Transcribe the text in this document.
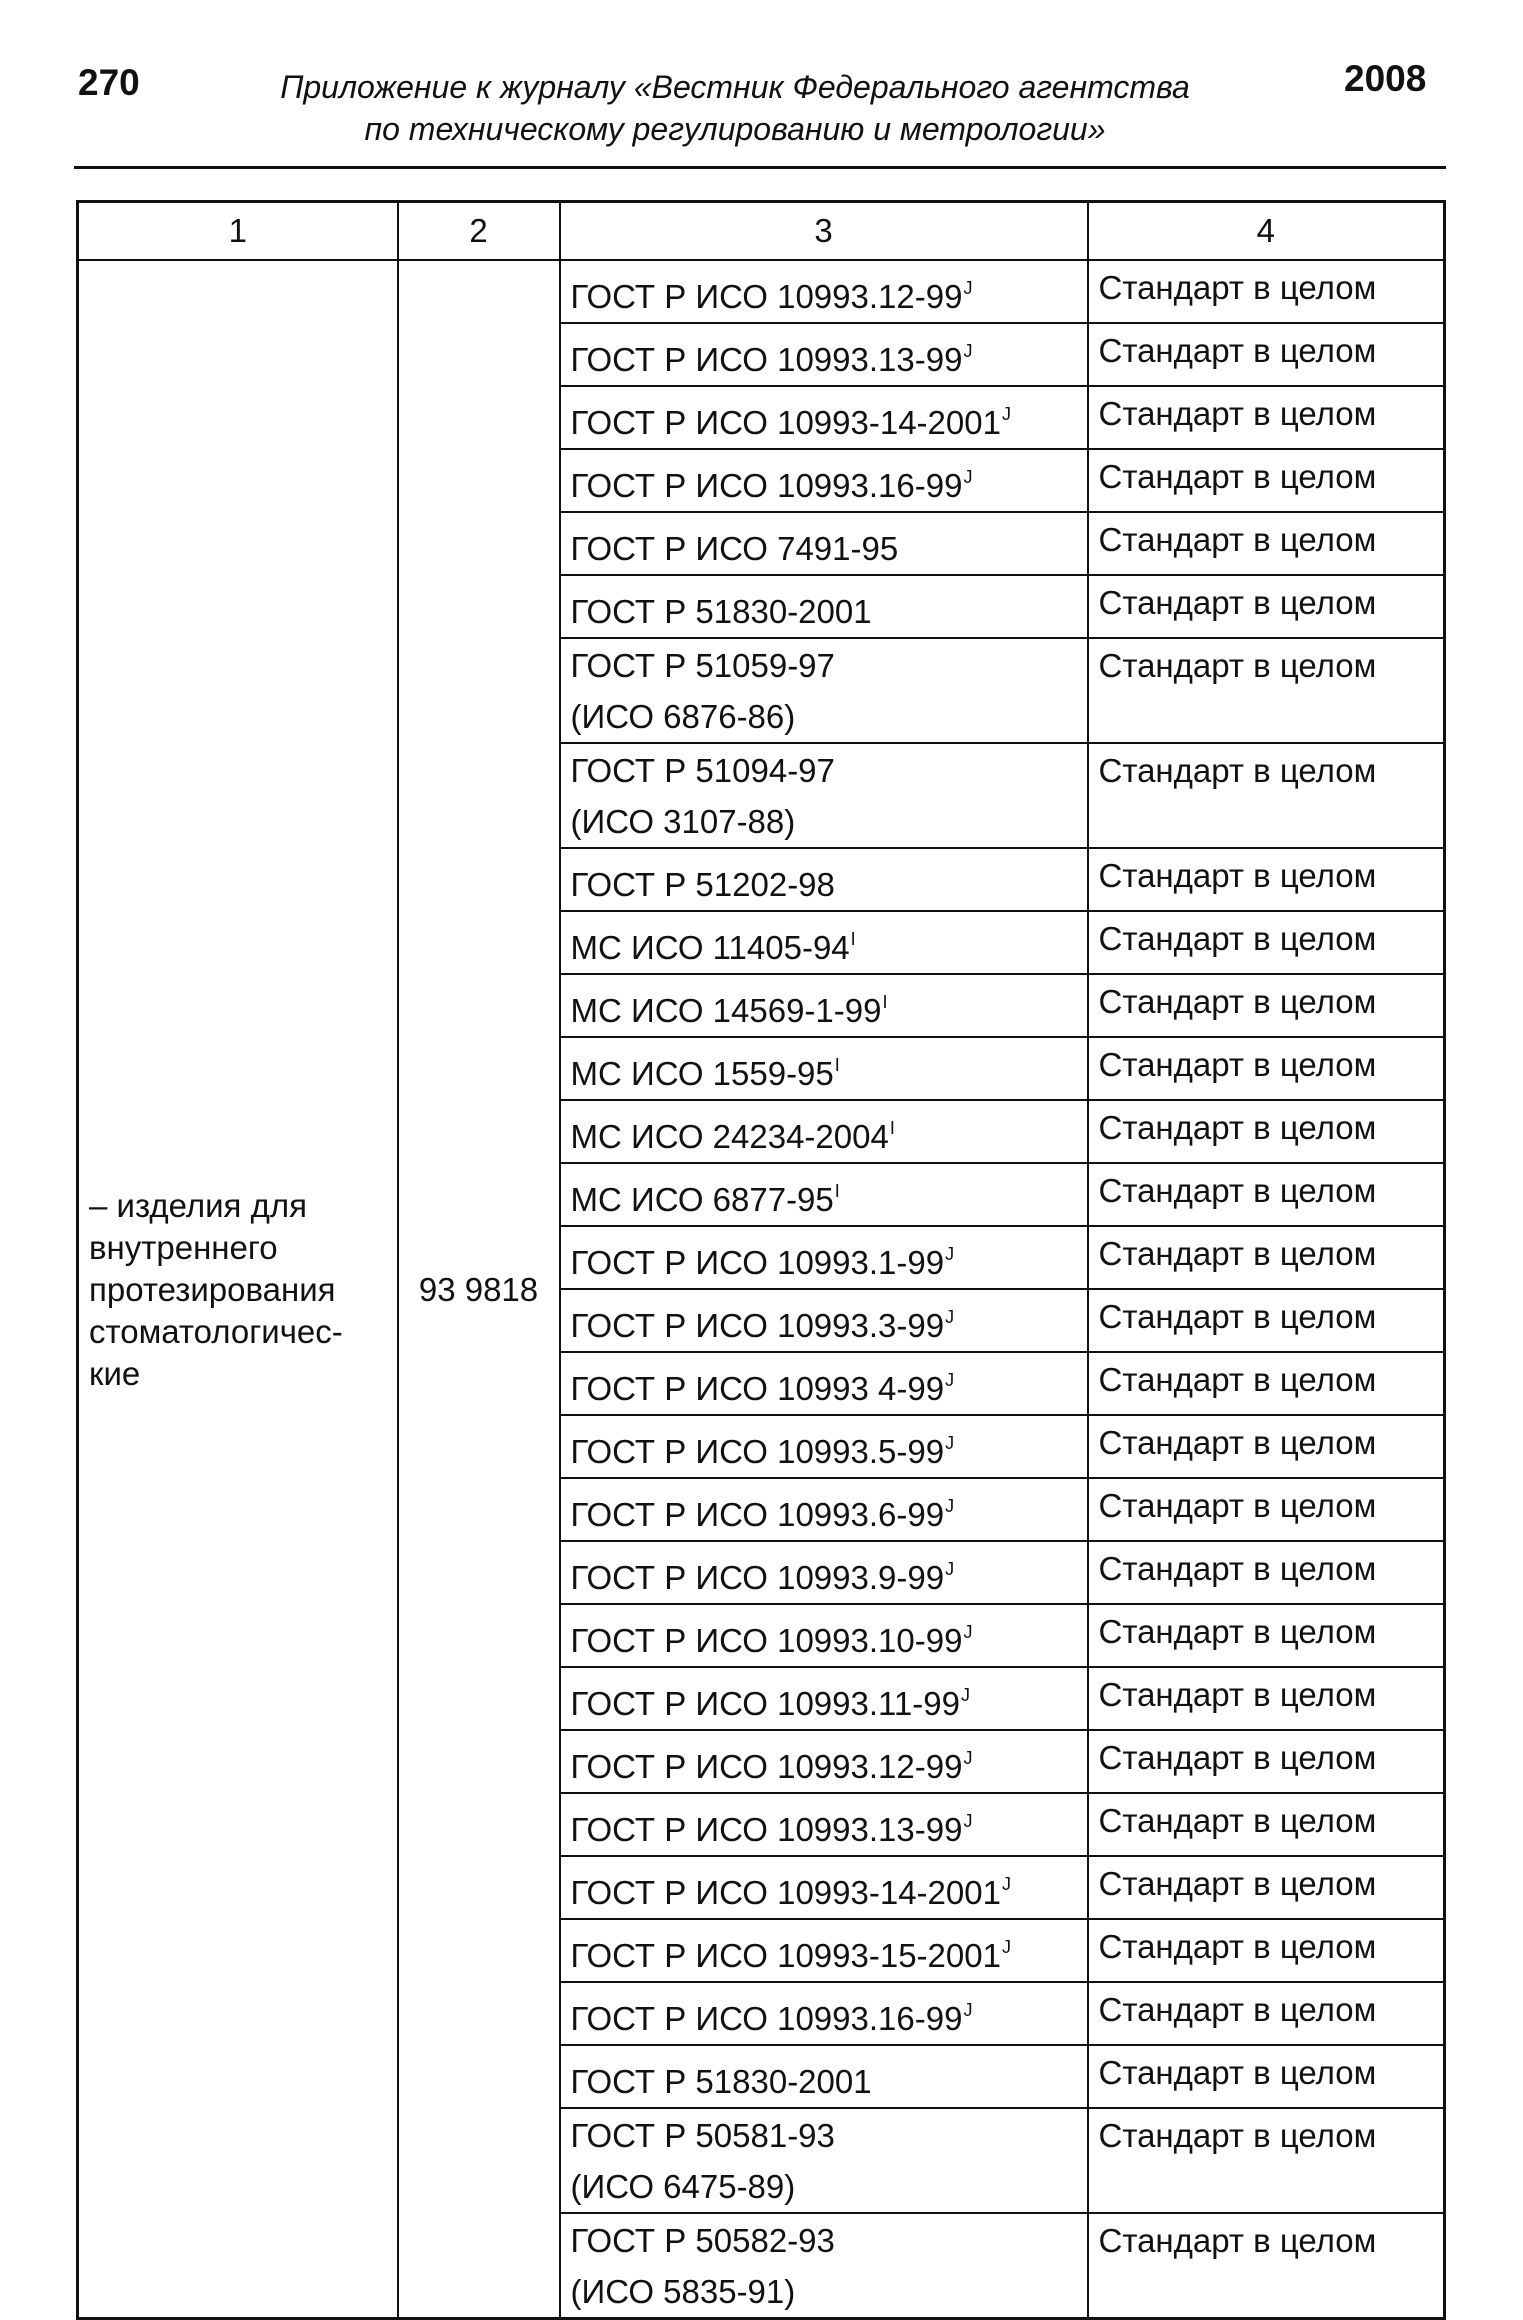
270	Приложение к журналу «Вестник Федерального агентства
по техническому регулированию и метрологии»
2008
1	2	3	4
– изделия для внутреннего протезирования стоматологичес-кие	93 9818	ГОСТ Р ИСО $10993.12-99^J$	Стандарт в целом
		ГОСТ Р ИСО $10993.13-99^J$	Стандарт в целом
		ГОСТ Р ИСО $10993-14-2001^J$	Стандарт в целом
		ГОСТ Р ИСО $10993.16-99^J$	Стандарт в целом
		ГОСТ Р ИСО 7491-95	Стандарт в целом
		ГОСТ Р 51830-2001	Стандарт в целом
		ГОСТ Р 51059-97
(ИСО 6876-86)	Стандарт в целом
		ГОСТ Р 51094-97
(ИСО 3107-88)	Стандарт в целом
		ГОСТ Р 51202-98	Стандарт в целом
		МС ИСО $11405-94^I$	Стандарт в целом
		МС ИСО $14569-1-99^I$	Стандарт в целом
		МС ИСО $1559-95^I$	Стандарт в целом
		МС ИСО $24234-2004^I$	Стандарт в целом
		МС ИСО $6877-95^I$	Стандарт в целом
		ГОСТ Р ИСО $10993.1-99^J$	Стандарт в целом
		ГОСТ Р ИСО $10993.3-99^J$	Стандарт в целом
		ГОСТ Р ИСО 10993 $4-99^J$	Стандарт в целом
		ГОСТ Р ИСО $10993.5-99^J$	Стандарт в целом
		ГОСТ Р ИСО $10993.6-99^J$	Стандарт в целом
		ГОСТ Р ИСО $10993.9-99^J$	Стандарт в целом
		ГОСТ Р ИСО $10993.10-99^J$	Стандарт в целом
		ГОСТ Р ИСО $10993.11-99^J$	Стандарт в целом
		ГОСТ Р ИСО $10993.12-99^J$	Стандарт в целом
		ГОСТ Р ИСО $10993.13-99^J$	Стандарт в целом
		ГОСТ Р ИСО $10993-14-2001^J$	Стандарт в целом
		ГОСТ Р ИСО $10993-15-2001^J$	Стандарт в целом
		ГОСТ Р ИСО $10993.16-99^J$	Стандарт в целом
		ГОСТ Р 51830-2001	Стандарт в целом
		ГОСТ Р 50581-93
(ИСО 6475-89)	Стандарт в целом
		ГОСТ Р 50582-93
(ИСО 5835-91)	Стандарт в целом
